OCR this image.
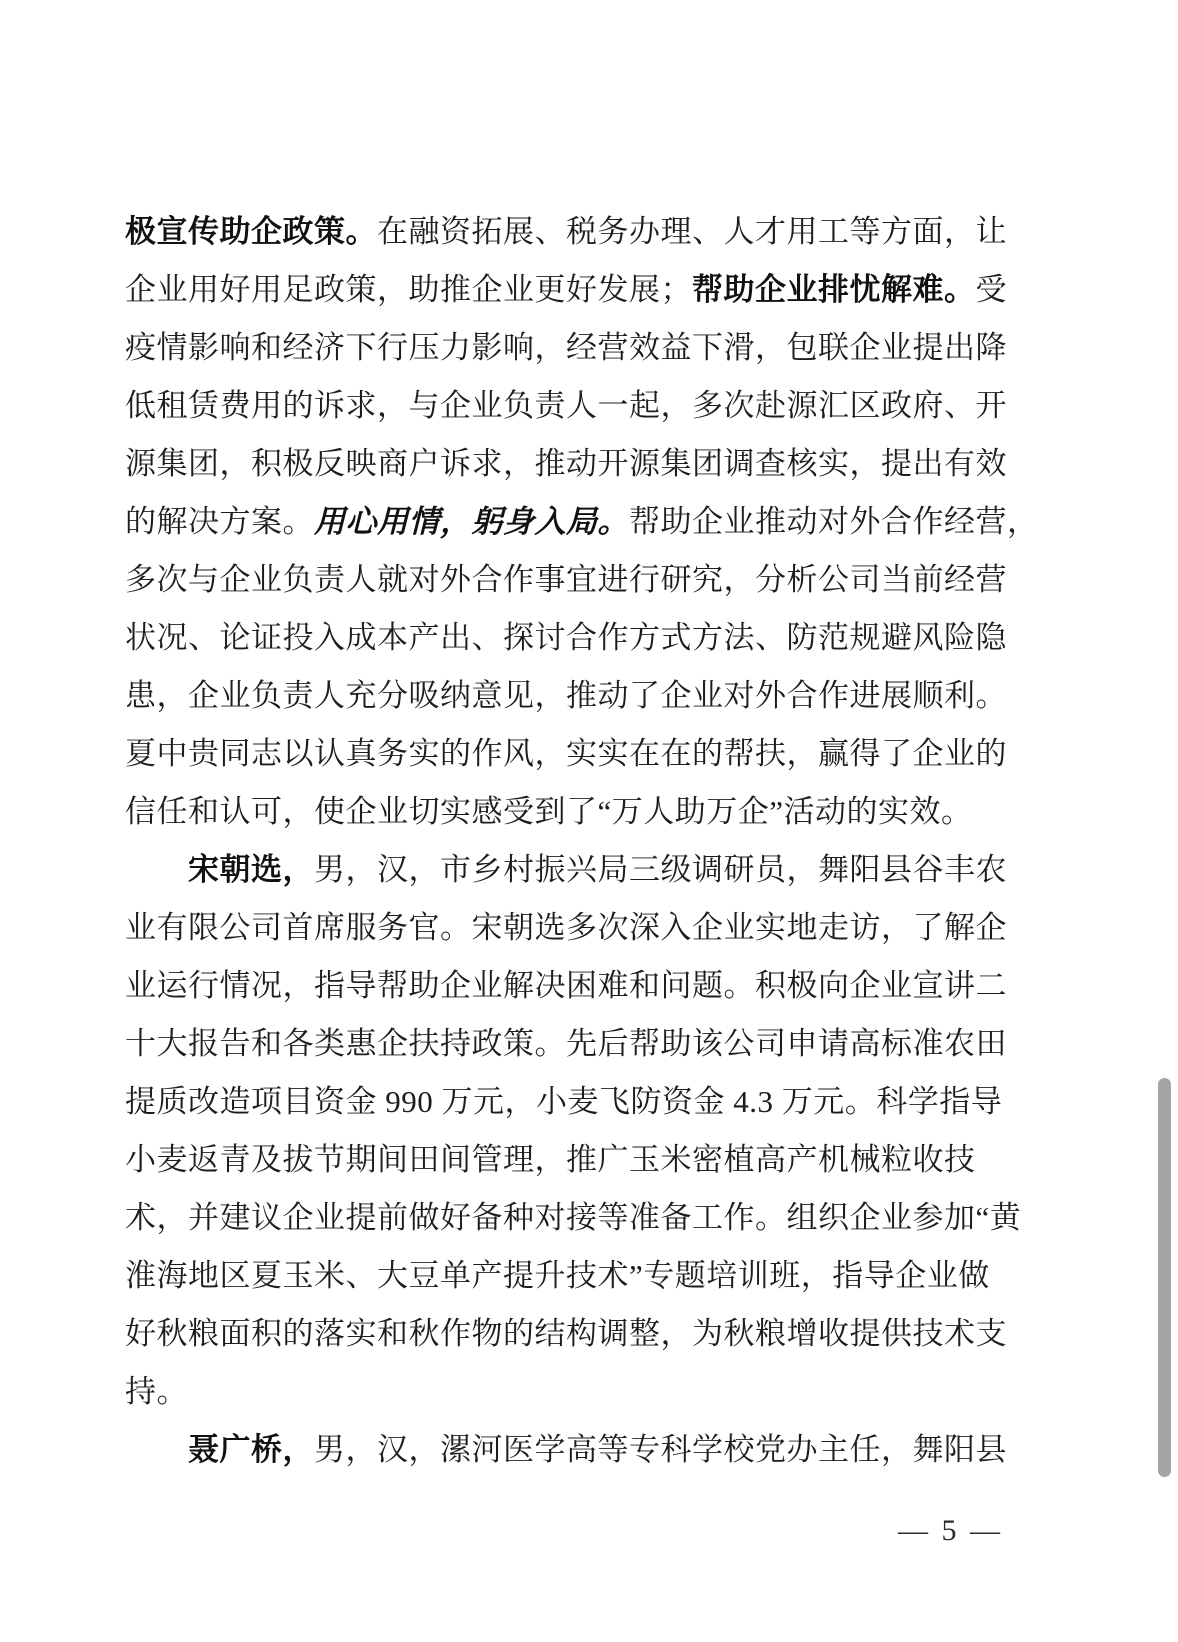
极宣传助企政策。在融资拓展、税务办理、人才用工等方面，让
企业用好用足政策，助推企业更好发展；帮助企业排忧解难。受
疫情影响和经济下行压力影响，经营效益下滑，包联企业提出降
低租赁费用的诉求，与企业负责人一起，多次赴源汇区政府、开
源集团，积极反映商户诉求，推动开源集团调查核实，提出有效
的解决方案。用心用情，躬身入局。帮助企业推动对外合作经营，
多次与企业负责人就对外合作事宜进行研究，分析公司当前经营
状况、论证投入成本产出、探讨合作方式方法、防范规避风险隐
患，企业负责人充分吸纳意见，推动了企业对外合作进展顺利。
夏中贵同志以认真务实的作风，实实在在的帮扶，赢得了企业的
信任和认可，使企业切实感受到了“万人助万企”活动的实效。
宋朝选，男，汉，市乡村振兴局三级调研员，舞阳县谷丰农
业有限公司首席服务官。宋朝选多次深入企业实地走访，了解企
业运行情况，指导帮助企业解决困难和问题。积极向企业宣讲二
十大报告和各类惠企扶持政策。先后帮助该公司申请高标准农田
提质改造项目资金 990 万元，小麦飞防资金 4.3 万元。科学指导
小麦返青及拔节期间田间管理，推广玉米密植高产机械粒收技
术，并建议企业提前做好备种对接等准备工作。组织企业参加“黄
淮海地区夏玉米、大豆单产提升技术”专题培训班，指导企业做
好秋粮面积的落实和秋作物的结构调整，为秋粮增收提供技术支
持。
聂广桥，男，汉，漯河医学高等专科学校党办主任，舞阳县
— 5 —
